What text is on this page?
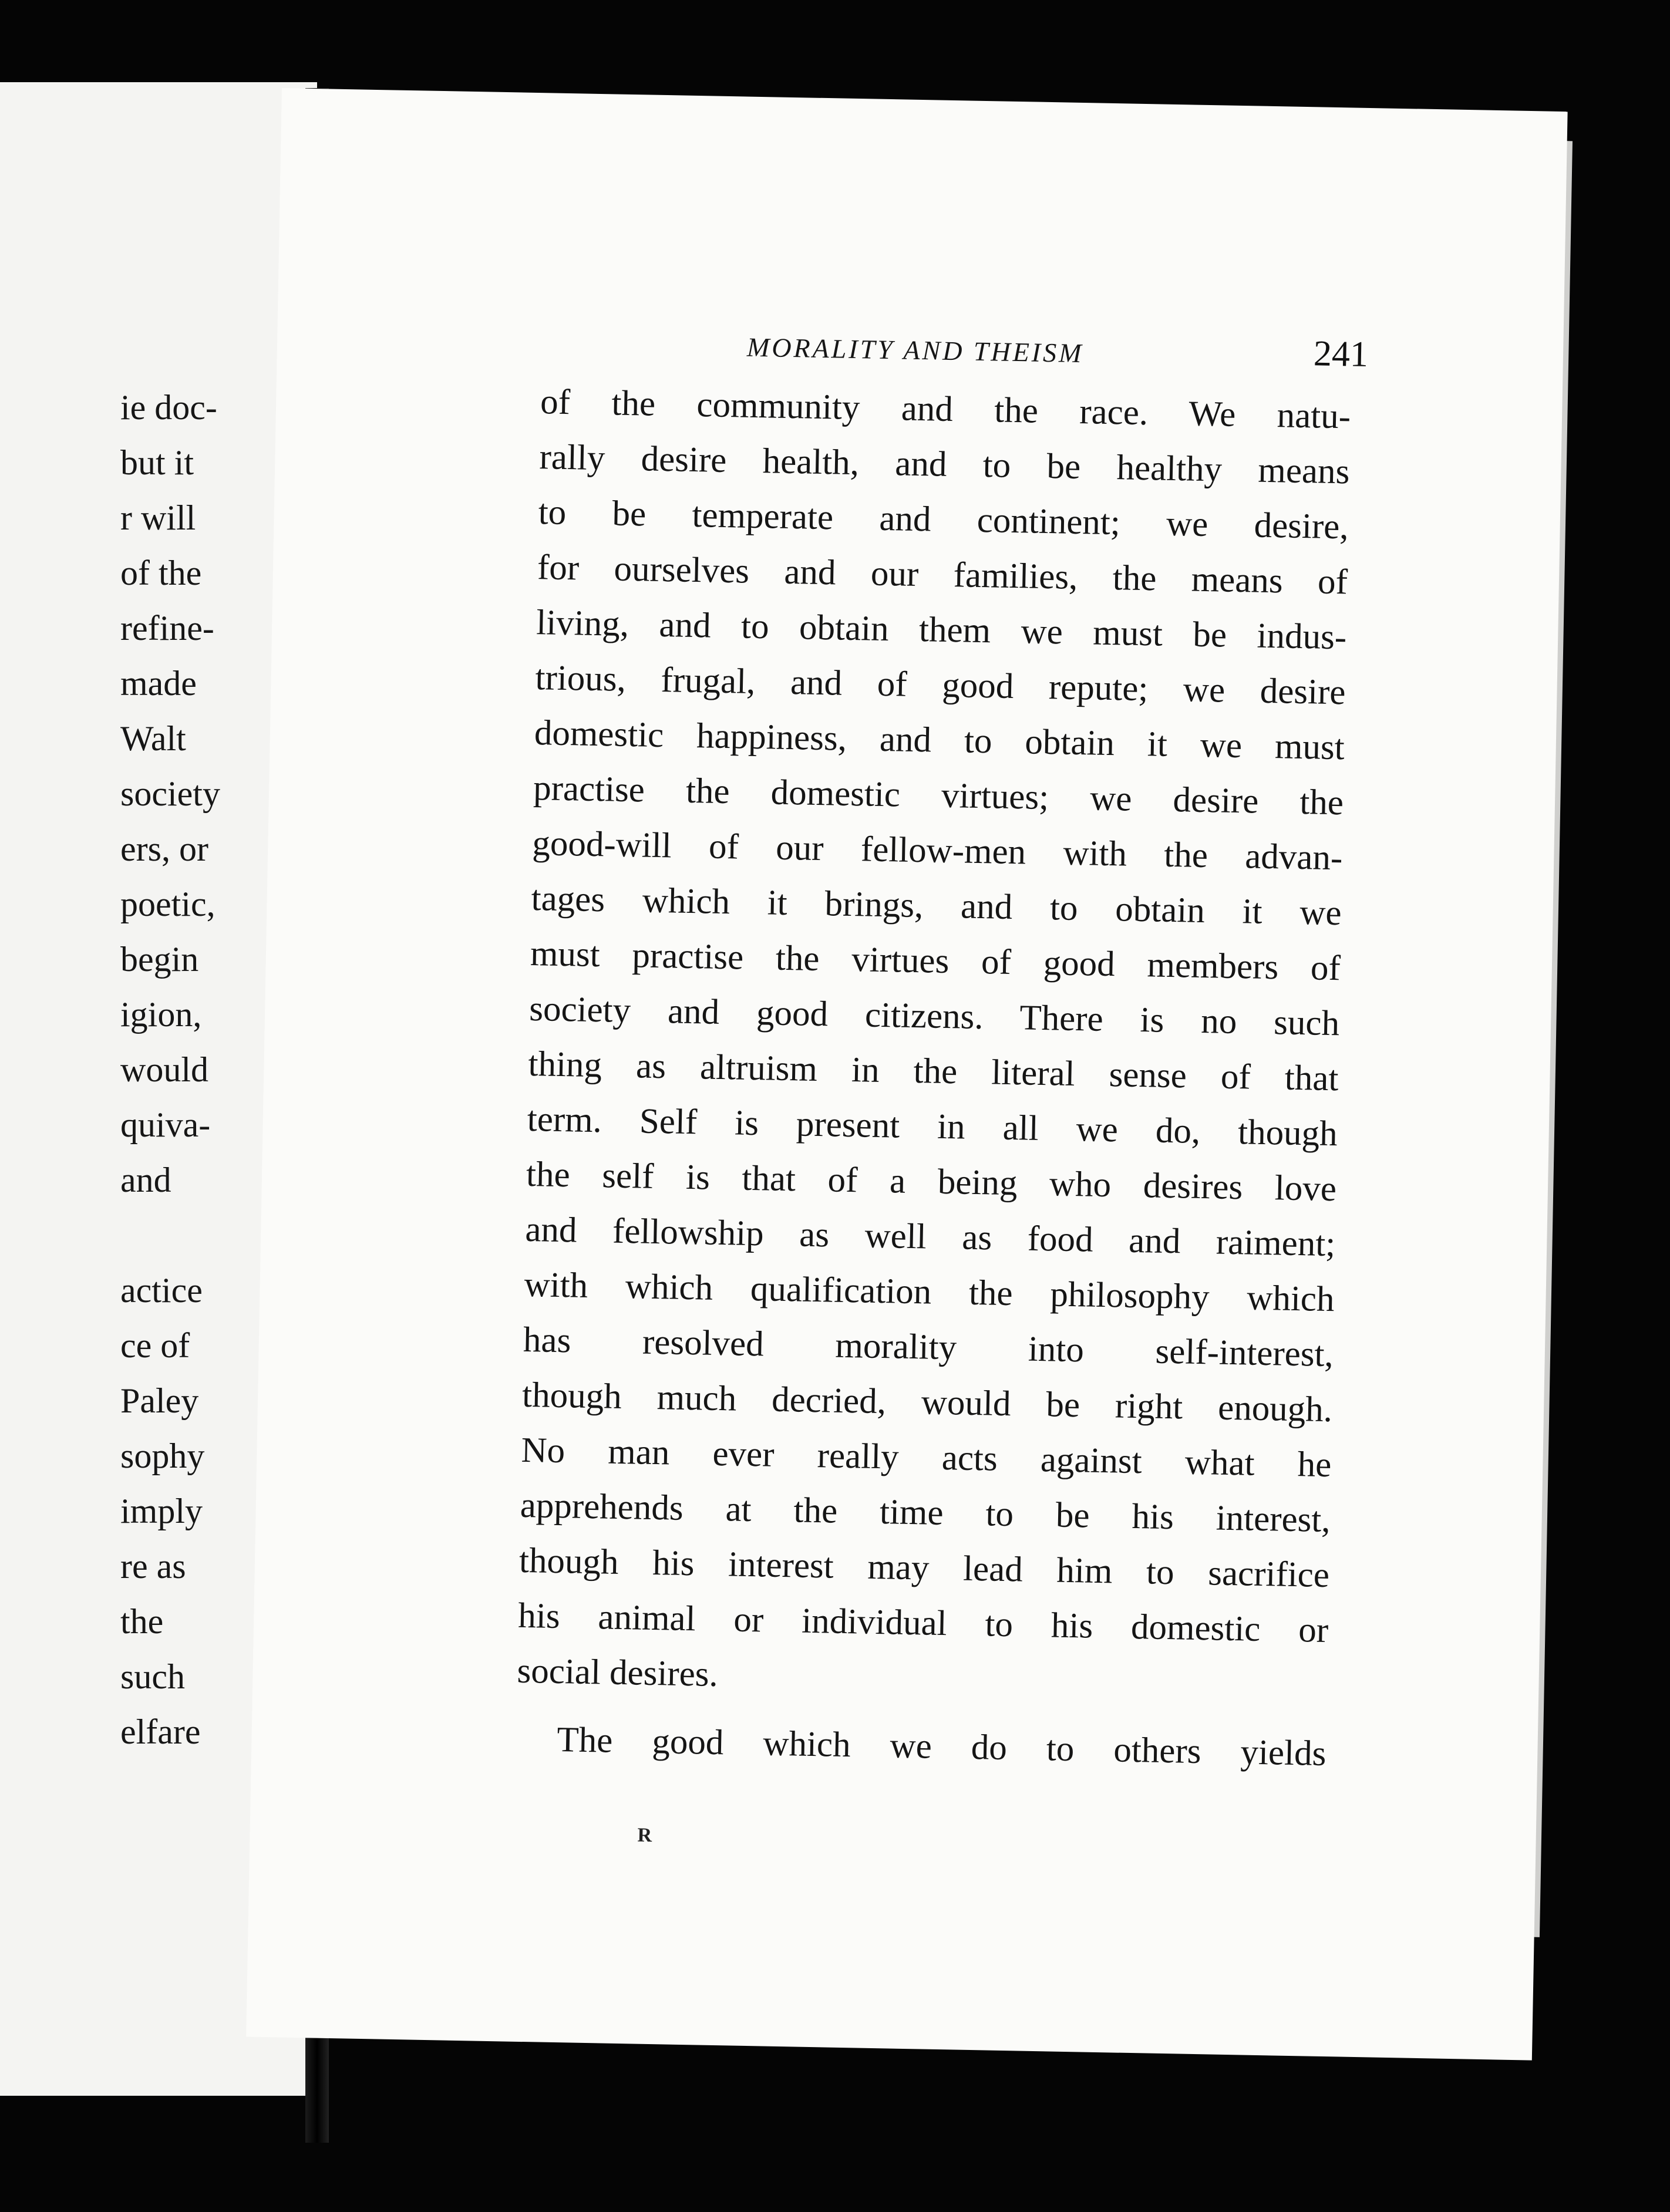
ie doc-

but it

r will

of the

refine-

made

Walt

society

ers, or

poetic,

begin

igion,

would

quiva-

and

actice

ce of

Paley

sophy

imply

re as

the

such

elfare

MORALITY AND THEISM	241

of the community and the race. We natu-

rally desire health, and to be healthy means

to be temperate and continent; we desire,

for ourselves and our families, the means of

living, and to obtain them we must be indus-

trious, frugal, and of good repute; we desire

domestic happiness, and to obtain it we must

practise the domestic virtues; we desire the

good-will of our fellow-men with the advan-

tages which it brings, and to obtain it we

must practise the virtues of good members of

society and good citizens. There is no such

thing as altruism in the literal sense of that

term. Self is present in all we do, though

the self is that of a being who desires love

and fellowship as well as food and raiment;

with which qualification the philosophy which

has resolved morality into self-interest,

though much decried, would be right enough.

No man ever really acts against what he

apprehends at the time to be his interest,

though his interest may lead him to sacrifice

his animal or individual to his domestic or

social desires.

The good which we do to others yields

R
